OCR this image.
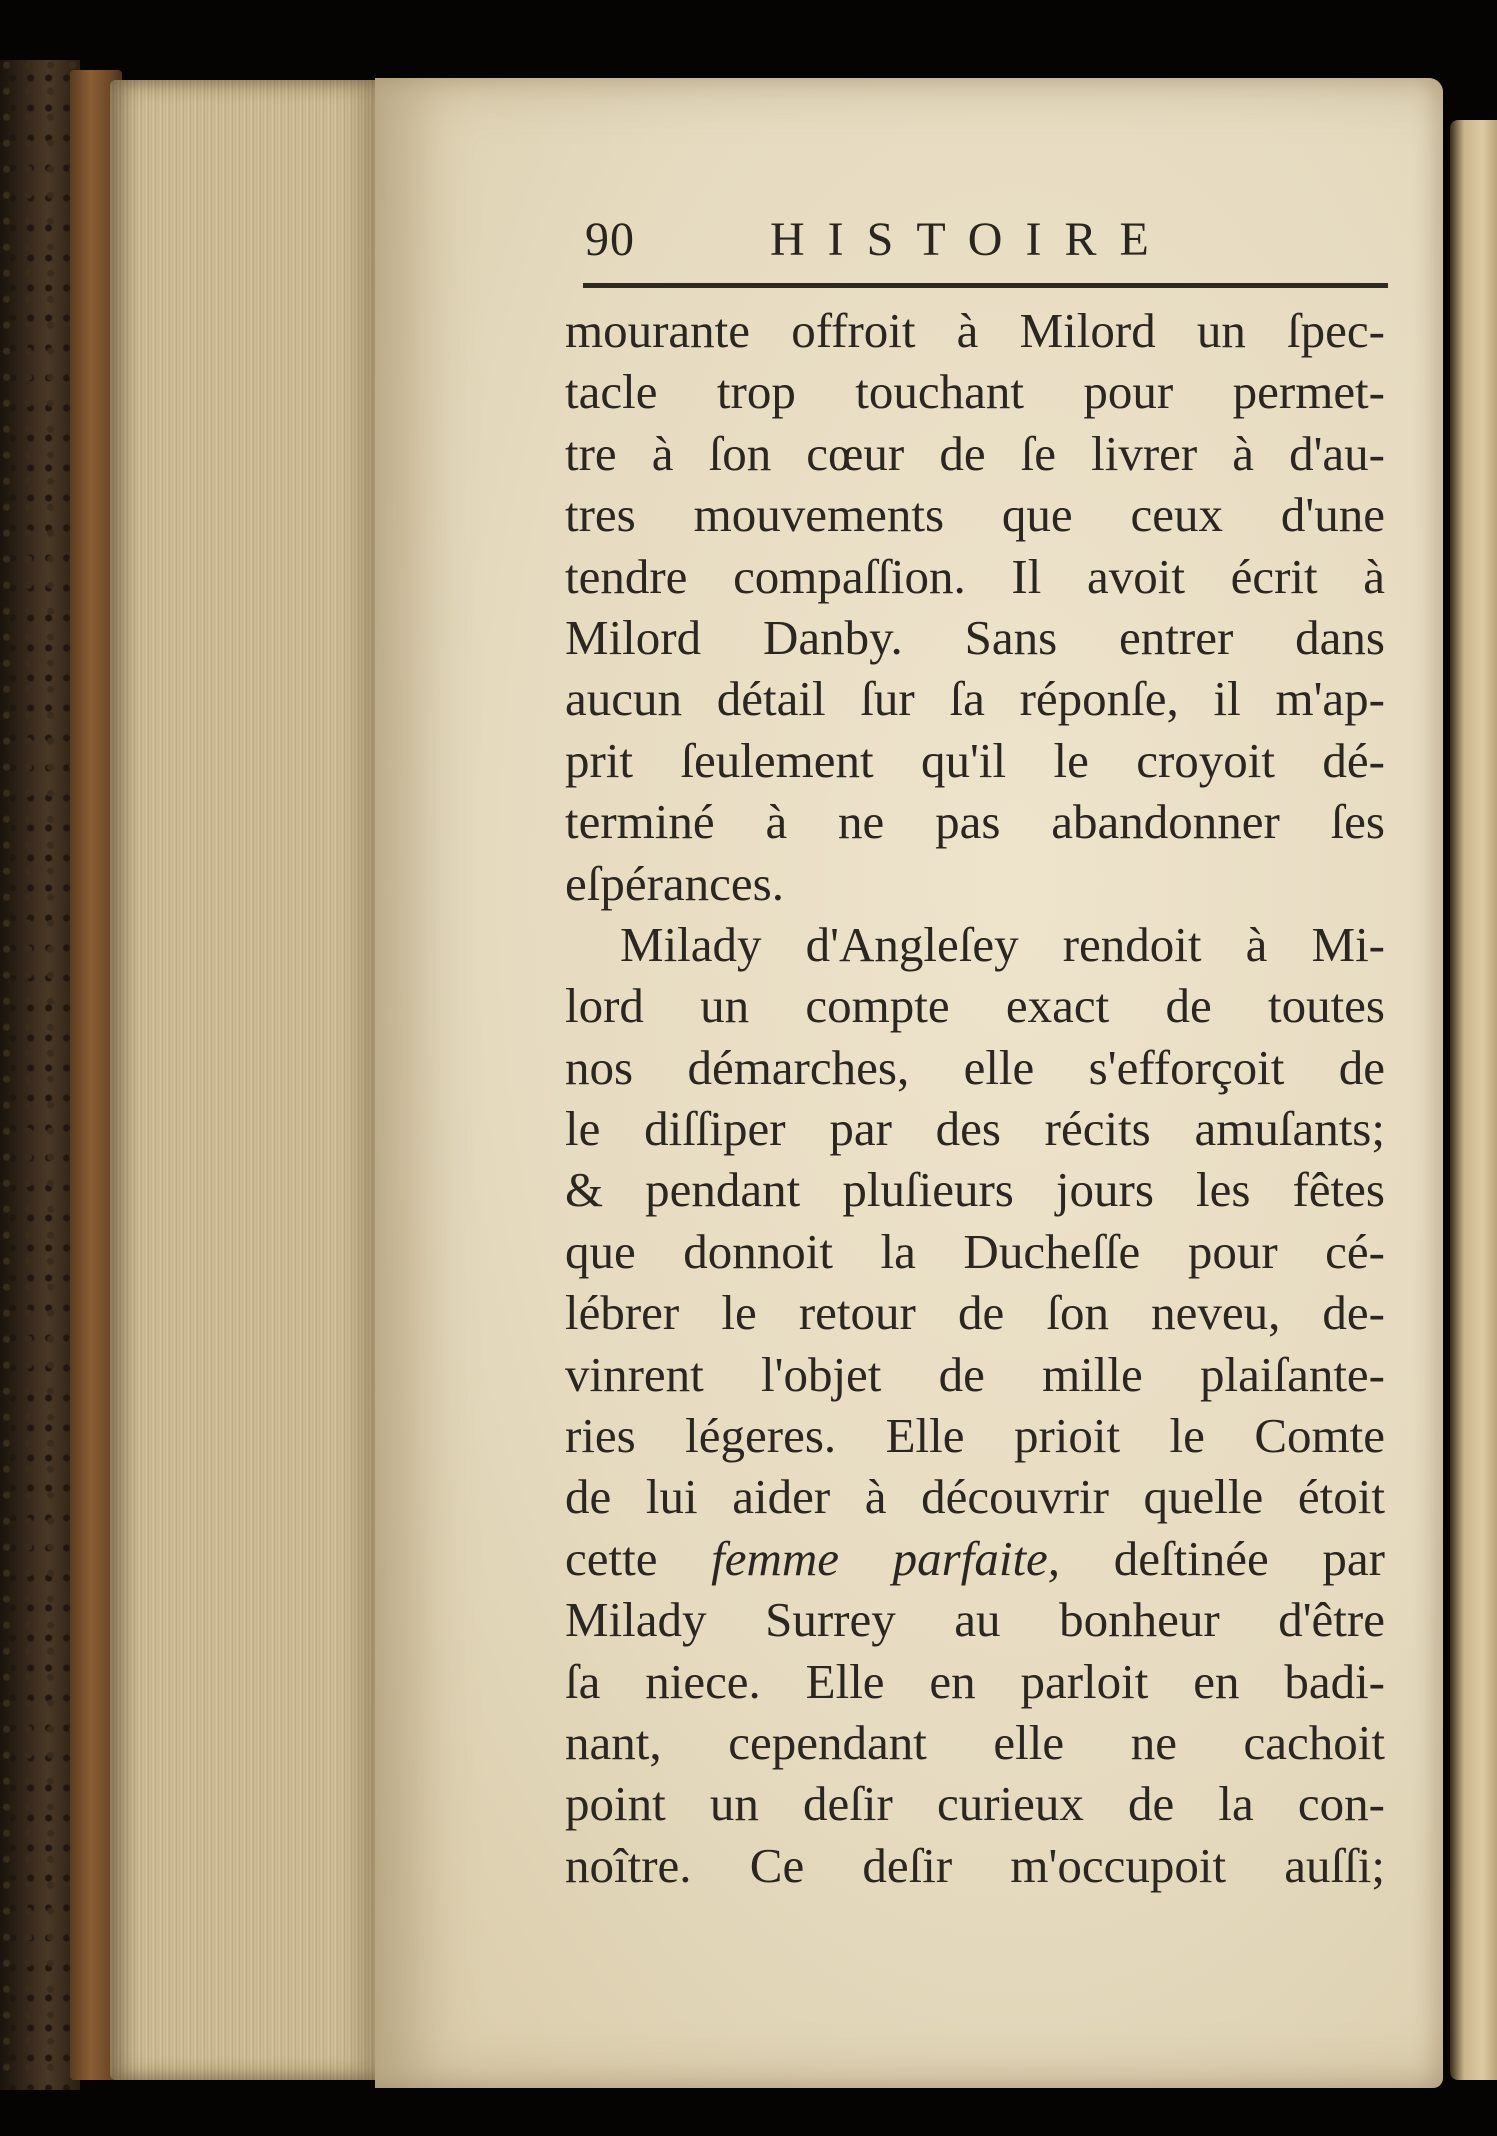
90	HISTOIRE
mourante offroit à Milord un ſpec-
tacle trop touchant pour permet-
tre à ſon cœur de ſe livrer à d'au-
tres mouvements que ceux d'une
tendre compaſſion. Il avoit écrit à
Milord Danby. Sans entrer dans
aucun détail ſur ſa réponſe, il m'ap-
prit ſeulement qu'il le croyoit dé-
terminé à ne pas abandonner ſes
eſpérances.
Milady d'Angleſey rendoit à Mi-
lord un compte exact de toutes
nos démarches, elle s'efforçoit de
le diſſiper par des récits amuſants;
& pendant pluſieurs jours les fêtes
que donnoit la Ducheſſe pour cé-
lébrer le retour de ſon neveu, de-
vinrent l'objet de mille plaiſante-
ries légeres. Elle prioit le Comte
de lui aider à découvrir quelle étoit
cette femme parfaite, deſtinée par
Milady Surrey au bonheur d'être
ſa niece. Elle en parloit en badi-
nant, cependant elle ne cachoit
point un deſir curieux de la con-
noître. Ce deſir m'occupoit auſſi;
